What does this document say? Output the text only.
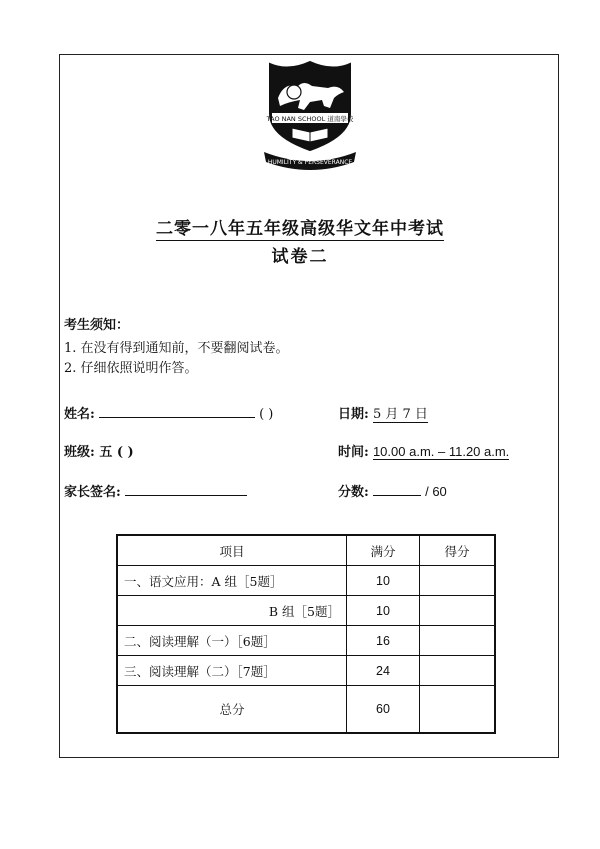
TAO NAN SCHOOL 道南學校
HUMILITY & PERSEVERANCE
二零一八年五年级高级华文年中考试
试卷二
考生须知：
1. 在没有得到通知前，不要翻阅试卷。
2. 仔细依照说明作答。
姓名:	( )	日期: 5 月 7 日
班级: 五 ( )	时间: 10.00 a.m. – 11.20 a.m.
家长签名:	分数:	/ 60
项目	满分	得分
一、语文应用：A 组［5题］	10	
B 组［5题］	10	
二、阅读理解（一）［6题］	16	
三、阅读理解（二）［7题］	24	
总分	60	
